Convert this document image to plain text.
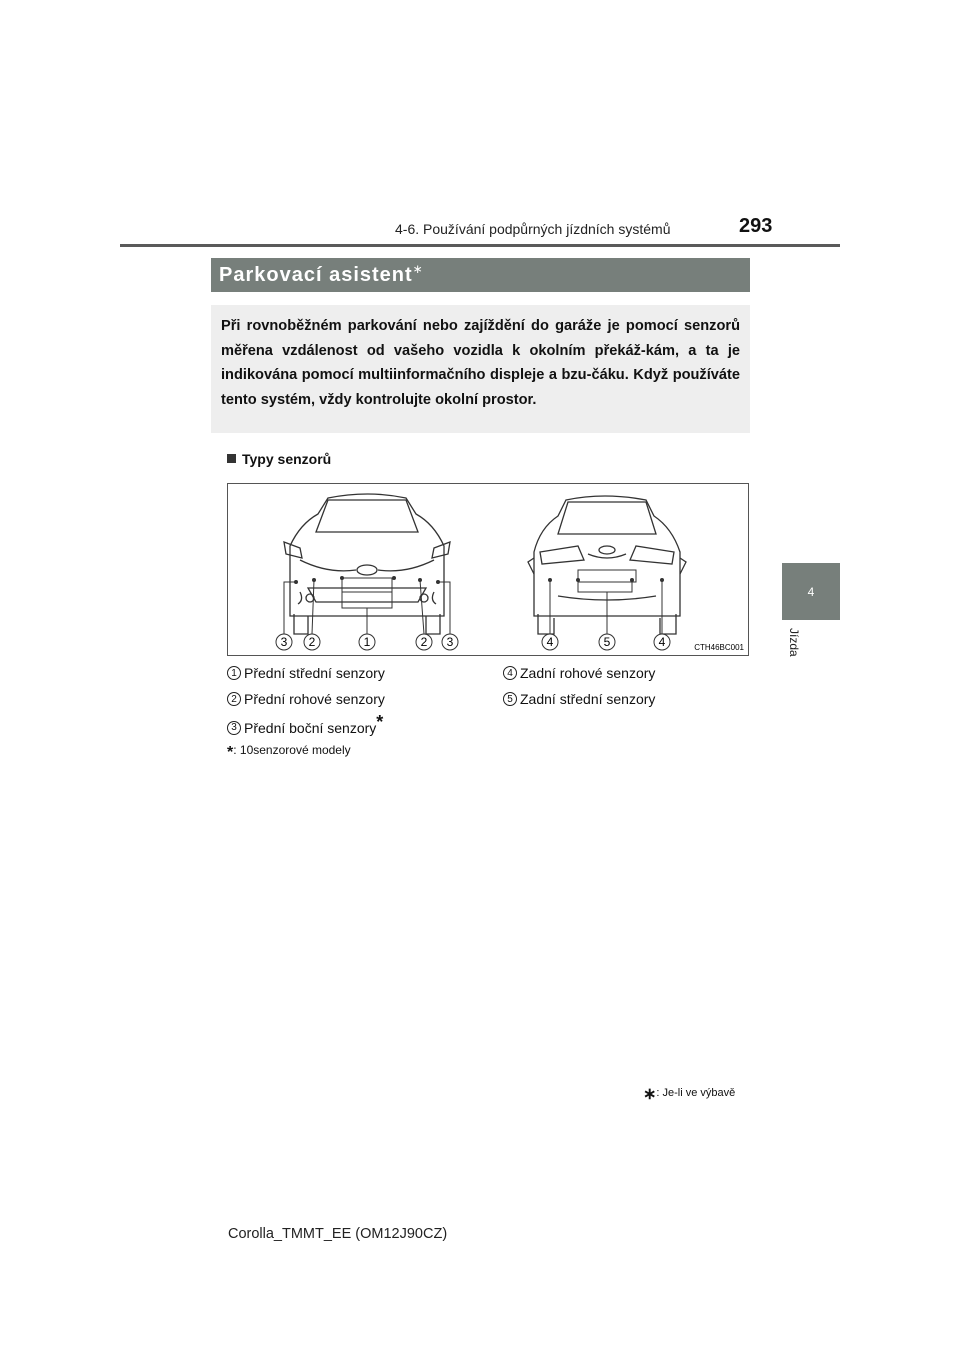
4-6. Používání podpůrných jízdních systémů	293
4
Jízda
Parkovací asistent∗
Při rovnoběžném parkování nebo zajíždění do garáže je pomocí senzorů měřena vzdálenost od vašeho vozidla k okolním překáž-kám, a ta je indikována pomocí multiinformačního displeje a bzu-čáku. Když používáte tento systém, vždy kontrolujte okolní prostor.
Typy senzorů
3 2	1	2 3	4	5	4	CTH46BC001
1 Přední střední senzory
2 Přední rohové senzory
3 Přední boční senzory *
4 Zadní rohové senzory
5 Zadní střední senzory
*: 10senzorové modely
∗: Je-li ve výbavě
Corolla_TMMT_EE (OM12J90CZ)
